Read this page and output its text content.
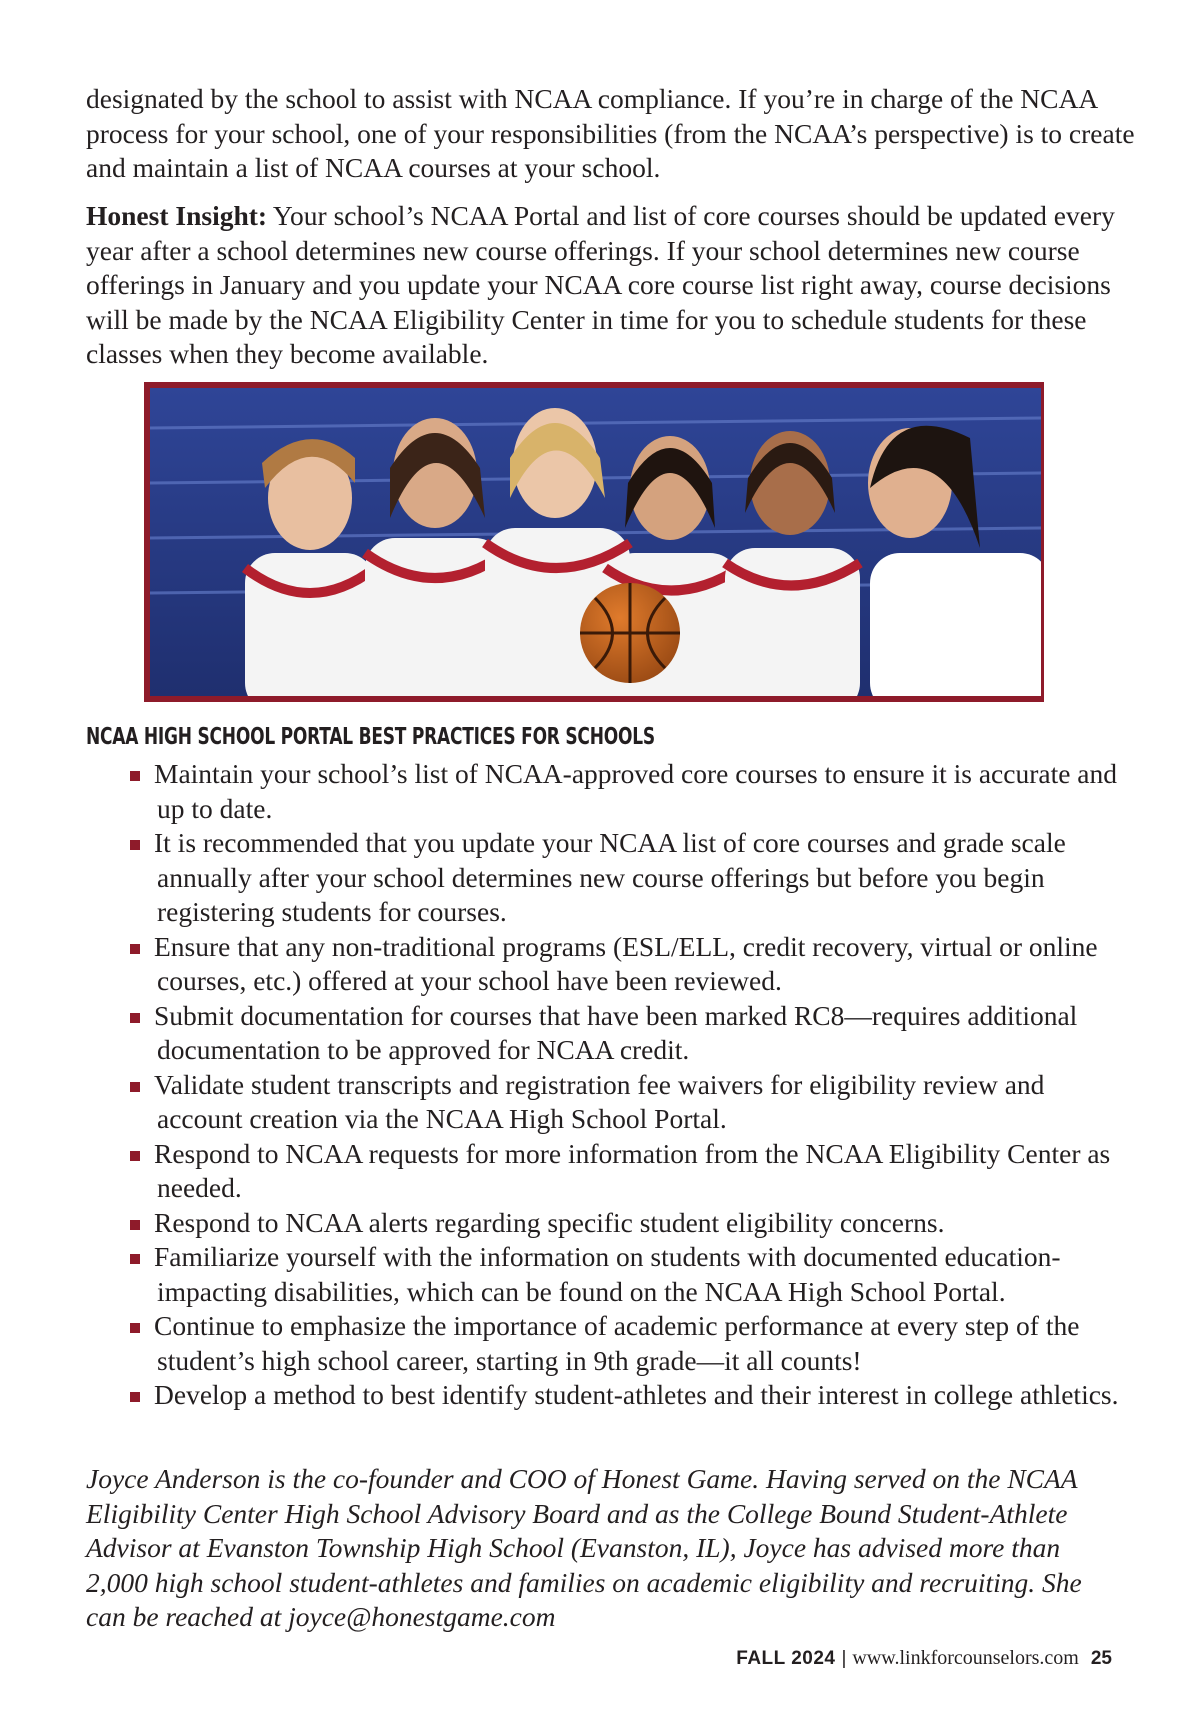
designated by the school to assist with NCAA compliance. If you’re in charge of the NCAA process for your school, one of your responsibilities (from the NCAA’s perspective) is to create and maintain a list of NCAA courses at your school.

Honest Insight: Your school’s NCAA Portal and list of core courses should be updated every year after a school determines new course offerings. If your school determines new course offerings in January and you update your NCAA core course list right away, course decisions will be made by the NCAA Eligibility Center in time for you to schedule students for these classes when they become available.

NCAA HIGH SCHOOL PORTAL BEST PRACTICES FOR SCHOOLS
Maintain your school’s list of NCAA-approved core courses to ensure it is accurate and up to date.
It is recommended that you update your NCAA list of core courses and grade scale annually after your school determines new course offerings but before you begin registering students for courses.
Ensure that any non-traditional programs (ESL/ELL, credit recovery, virtual or online courses, etc.) offered at your school have been reviewed.
Submit documentation for courses that have been marked RC8—requires additional documentation to be approved for NCAA credit.
Validate student transcripts and registration fee waivers for eligibility review and account creation via the NCAA High School Portal.
Respond to NCAA requests for more information from the NCAA Eligibility Center as needed.
Respond to NCAA alerts regarding specific student eligibility concerns.
Familiarize yourself with the information on students with documented education-impacting disabilities, which can be found on the NCAA High School Portal.
Continue to emphasize the importance of academic performance at every step of the student’s high school career, starting in 9th grade—it all counts!
Develop a method to best identify student-athletes and their interest in college athletics.

Joyce Anderson is the co-founder and COO of Honest Game. Having served on the NCAA Eligibility Center High School Advisory Board and as the College Bound Student-Athlete Advisor at Evanston Township High School (Evanston, IL), Joyce has advised more than 2,000 high school student-athletes and families on academic eligibility and recruiting. She can be reached at joyce@honestgame.com

FALL 2024 | www.linkforcounselors.com 25
